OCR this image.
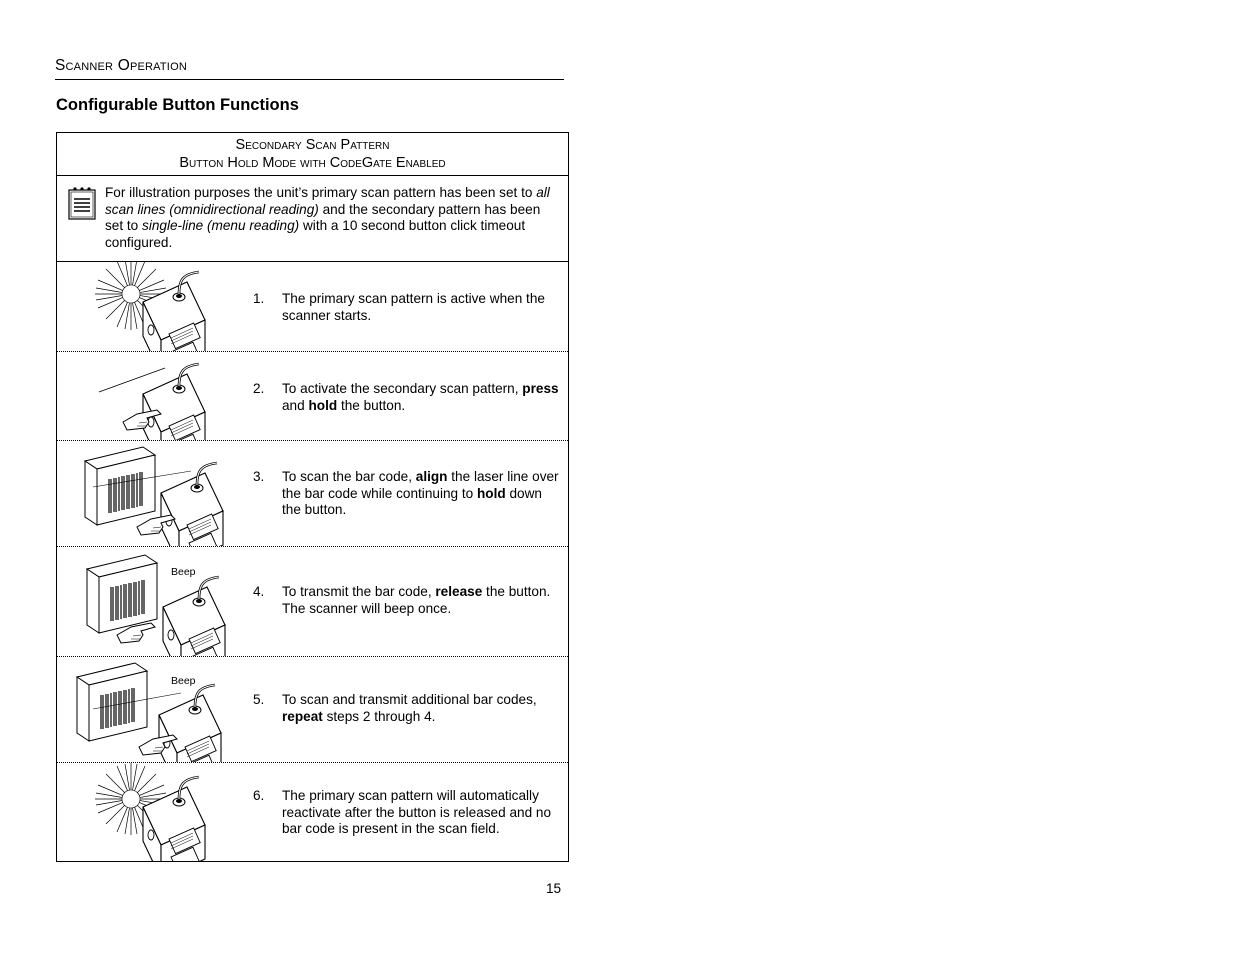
Scanner Operation
Configurable Button Functions
Secondary Scan Pattern
Button Hold Mode with CodeGate Enabled
For illustration purposes the unit’s primary scan pattern has been set to all scan lines (omnidirectional reading) and the secondary pattern has been set to single-line (menu reading) with a 10 second button click timeout configured.
1. The primary scan pattern is active when the scanner starts.
2. To activate the secondary scan pattern, press and hold the button.
3. To scan the bar code, align the laser line over the bar code while continuing to hold down the button.
Beep
4. To transmit the bar code, release the button. The scanner will beep once.
Beep
5. To scan and transmit additional bar codes, repeat steps 2 through 4.
6. The primary scan pattern will automatically reactivate after the button is released and no bar code is present in the scan field.
15
